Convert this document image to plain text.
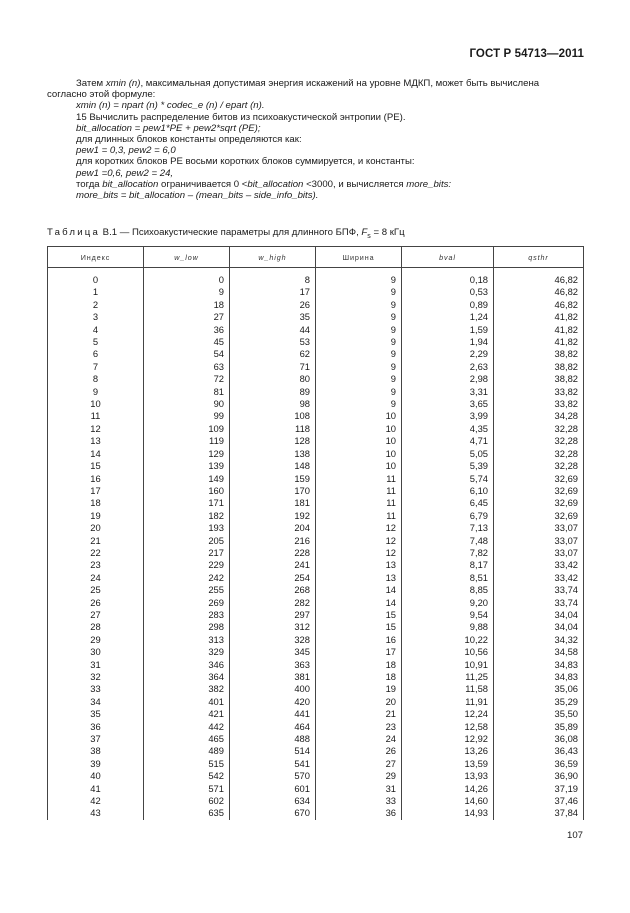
ГОСТ Р 54713—2011
Затем xmin (n), максимальная допустимая энергия искажений на уровне МДКП, может быть вычислена
согласно этой формуле:
xmin (n) = npart (n) * codec_e (n) / epart (n).
15 Вычислить распределение битов из психоакустической энтропии (РЕ).
bit_allocation = pew1*PE + pew2*sqrt (PE);
для длинных блоков константы определяются как:
pew1 = 0,3, pew2 = 6,0
для коротких блоков РЕ восьми коротких блоков суммируется, и константы:
pew1 =0,6, pew2 = 24,
тогда bit_allocation ограничивается 0 <bit_allocation <3000, и вычисляется more_bits:
more_bits = bit_allocation – (mean_bits – side_info_bits).
Таблица В.1 — Психоакустические параметры для длинного БПФ, $F_s = 8$ кГц
Индекс	w_low	w_high	Ширина	bval	qsthr
0	0	8	9	0,18	46,82
1	9	17	9	0,53	46,82
2	18	26	9	0,89	46,82
3	27	35	9	1,24	41,82
4	36	44	9	1,59	41,82
5	45	53	9	1,94	41,82
6	54	62	9	2,29	38,82
7	63	71	9	2,63	38,82
8	72	80	9	2,98	38,82
9	81	89	9	3,31	33,82
10	90	98	9	3,65	33,82
11	99	108	10	3,99	34,28
12	109	118	10	4,35	32,28
13	119	128	10	4,71	32,28
14	129	138	10	5,05	32,28
15	139	148	10	5,39	32,28
16	149	159	11	5,74	32,69
17	160	170	11	6,10	32,69
18	171	181	11	6,45	32,69
19	182	192	11	6,79	32,69
20	193	204	12	7,13	33,07
21	205	216	12	7,48	33,07
22	217	228	12	7,82	33,07
23	229	241	13	8,17	33,42
24	242	254	13	8,51	33,42
25	255	268	14	8,85	33,74
26	269	282	14	9,20	33,74
27	283	297	15	9,54	34,04
28	298	312	15	9,88	34,04
29	313	328	16	10,22	34,32
30	329	345	17	10,56	34,58
31	346	363	18	10,91	34,83
32	364	381	18	11,25	34,83
33	382	400	19	11,58	35,06
34	401	420	20	11,91	35,29
35	421	441	21	12,24	35,50
36	442	464	23	12,58	35,89
37	465	488	24	12,92	36,08
38	489	514	26	13,26	36,43
39	515	541	27	13,59	36,59
40	542	570	29	13,93	36,90
41	571	601	31	14,26	37,19
42	602	634	33	14,60	37,46
43	635	670	36	14,93	37,84
107
